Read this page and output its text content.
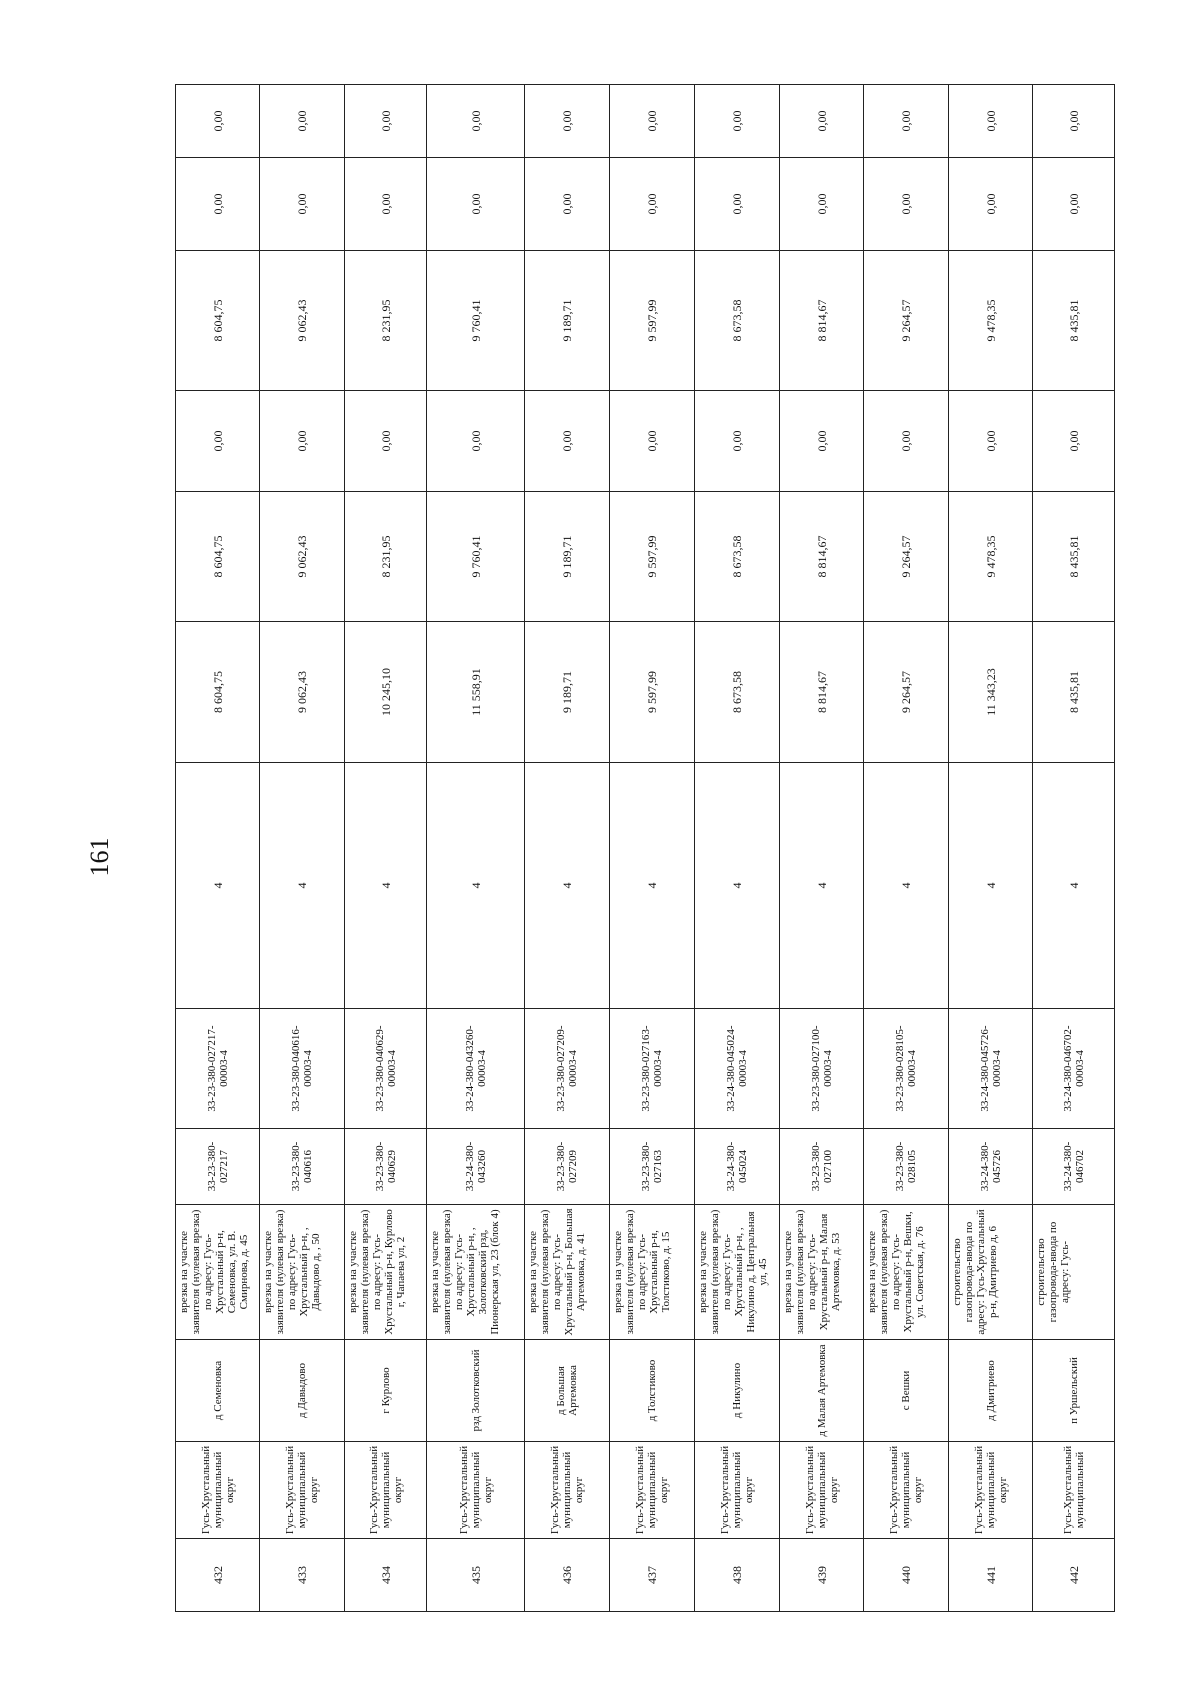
161
432	Гусь-Хрустальный муниципальный округ	д Семеновка	врезка на участке заявителя (нулевая врезка) по адресу: Гусь-Хрустальный р-н, Семеновка, ул. В. Смирнова, д. 45	33-23-380-027217	33-23-380-027217-00003-4	4	8 604,75	8 604,75	0,00	8 604,75	0,00	0,00
433	Гусь-Хрустальный муниципальный округ	д Давыдово	врезка на участке заявителя (нулевая врезка) по адресу: Гусь-Хрустальный р-н, , Давыдово д, , 50	33-23-380-040616	33-23-380-040616-00003-4	4	9 062,43	9 062,43	0,00	9 062,43	0,00	0,00
434	Гусь-Хрустальный муниципальный округ	г Курлово	врезка на участке заявителя (нулевая врезка) по адресу: Гусь-Хрустальный р-н, Курлово г, Чапаева ул, 2	33-23-380-040629	33-23-380-040629-00003-4	4	10 245,10	8 231,95	0,00	8 231,95	0,00	0,00
435	Гусь-Хрустальный муниципальный округ	рзд Золотковский	врезка на участке заявителя (нулевая врезка) по адресу: Гусь-Хрустальный р-н, , Золотковский рзд, Пионерская ул, 23 (блок 4)	33-24-380-043260	33-24-380-043260-00003-4	4	11 558,91	9 760,41	0,00	9 760,41	0,00	0,00
436	Гусь-Хрустальный муниципальный округ	д Большая Артемовка	врезка на участке заявителя (нулевая врезка) по адресу: Гусь-Хрустальный р-н, Большая Артемовка, д. 41	33-23-380-027209	33-23-380-027209-00003-4	4	9 189,71	9 189,71	0,00	9 189,71	0,00	0,00
437	Гусь-Хрустальный муниципальный округ	д Толстиково	врезка на участке заявителя (нулевая врезка) по адресу: Гусь-Хрустальный р-н, Толстиково, д. 15	33-23-380-027163	33-23-380-027163-00003-4	4	9 597,99	9 597,99	0,00	9 597,99	0,00	0,00
438	Гусь-Хрустальный муниципальный округ	д Никулино	врезка на участке заявителя (нулевая врезка) по адресу: Гусь-Хрустальный р-н, , Никулино д, Центральная ул, 45	33-24-380-045024	33-24-380-045024-00003-4	4	8 673,58	8 673,58	0,00	8 673,58	0,00	0,00
439	Гусь-Хрустальный муниципальный округ	д Малая Артемовка	врезка на участке заявителя (нулевая врезка) по адресу: Гусь-Хрустальный р-н, Малая Артемовка, д. 53	33-23-380-027100	33-23-380-027100-00003-4	4	8 814,67	8 814,67	0,00	8 814,67	0,00	0,00
440	Гусь-Хрустальный муниципальный округ	с Вешки	врезка на участке заявителя (нулевая врезка) по адресу: Гусь-Хрустальный р-н, Вешки, ул. Советская, д. 76	33-23-380-028105	33-23-380-028105-00003-4	4	9 264,57	9 264,57	0,00	9 264,57	0,00	0,00
441	Гусь-Хрустальный муниципальный округ	д Дмитриево	строительство газопровода-ввода по адресу: Гусь-Хрустальный р-н, Дмитриево д, 6	33-24-380-045726	33-24-380-045726-00003-4	4	11 343,23	9 478,35	0,00	9 478,35	0,00	0,00
442	Гусь-Хрустальный муниципальный	п Уршельский	строительство газопровода-ввода по адресу: Гусь-	33-24-380-046702	33-24-380-046702-00003-4	4	8 435,81	8 435,81	0,00	8 435,81	0,00	0,00
